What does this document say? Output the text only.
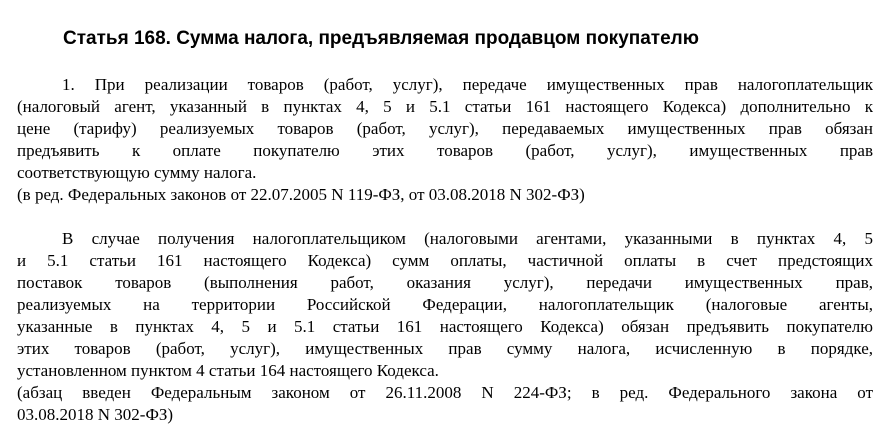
Статья 168. Сумма налога, предъявляемая продавцом покупателю
1. При реализации товаров (работ, услуг), передаче имущественных прав налогоплательщик
(налоговый агент, указанный в пунктах 4, 5 и 5.1 статьи 161 настоящего Кодекса) дополнительно к
цене (тарифу) реализуемых товаров (работ, услуг), передаваемых имущественных прав обязан
предъявить к оплате покупателю этих товаров (работ, услуг), имущественных прав
соответствующую сумму налога.
(в ред. Федеральных законов от 22.07.2005 N 119-ФЗ, от 03.08.2018 N 302-ФЗ)
В случае получения налогоплательщиком (налоговыми агентами, указанными в пунктах 4, 5
и 5.1 статьи 161 настоящего Кодекса) сумм оплаты, частичной оплаты в счет предстоящих
поставок товаров (выполнения работ, оказания услуг), передачи имущественных прав,
реализуемых на территории Российской Федерации, налогоплательщик (налоговые агенты,
указанные в пунктах 4, 5 и 5.1 статьи 161 настоящего Кодекса) обязан предъявить покупателю
этих товаров (работ, услуг), имущественных прав сумму налога, исчисленную в порядке,
установленном пунктом 4 статьи 164 настоящего Кодекса.
(абзац введен Федеральным законом от 26.11.2008 N 224-ФЗ; в ред. Федерального закона от
03.08.2018 N 302-ФЗ)
